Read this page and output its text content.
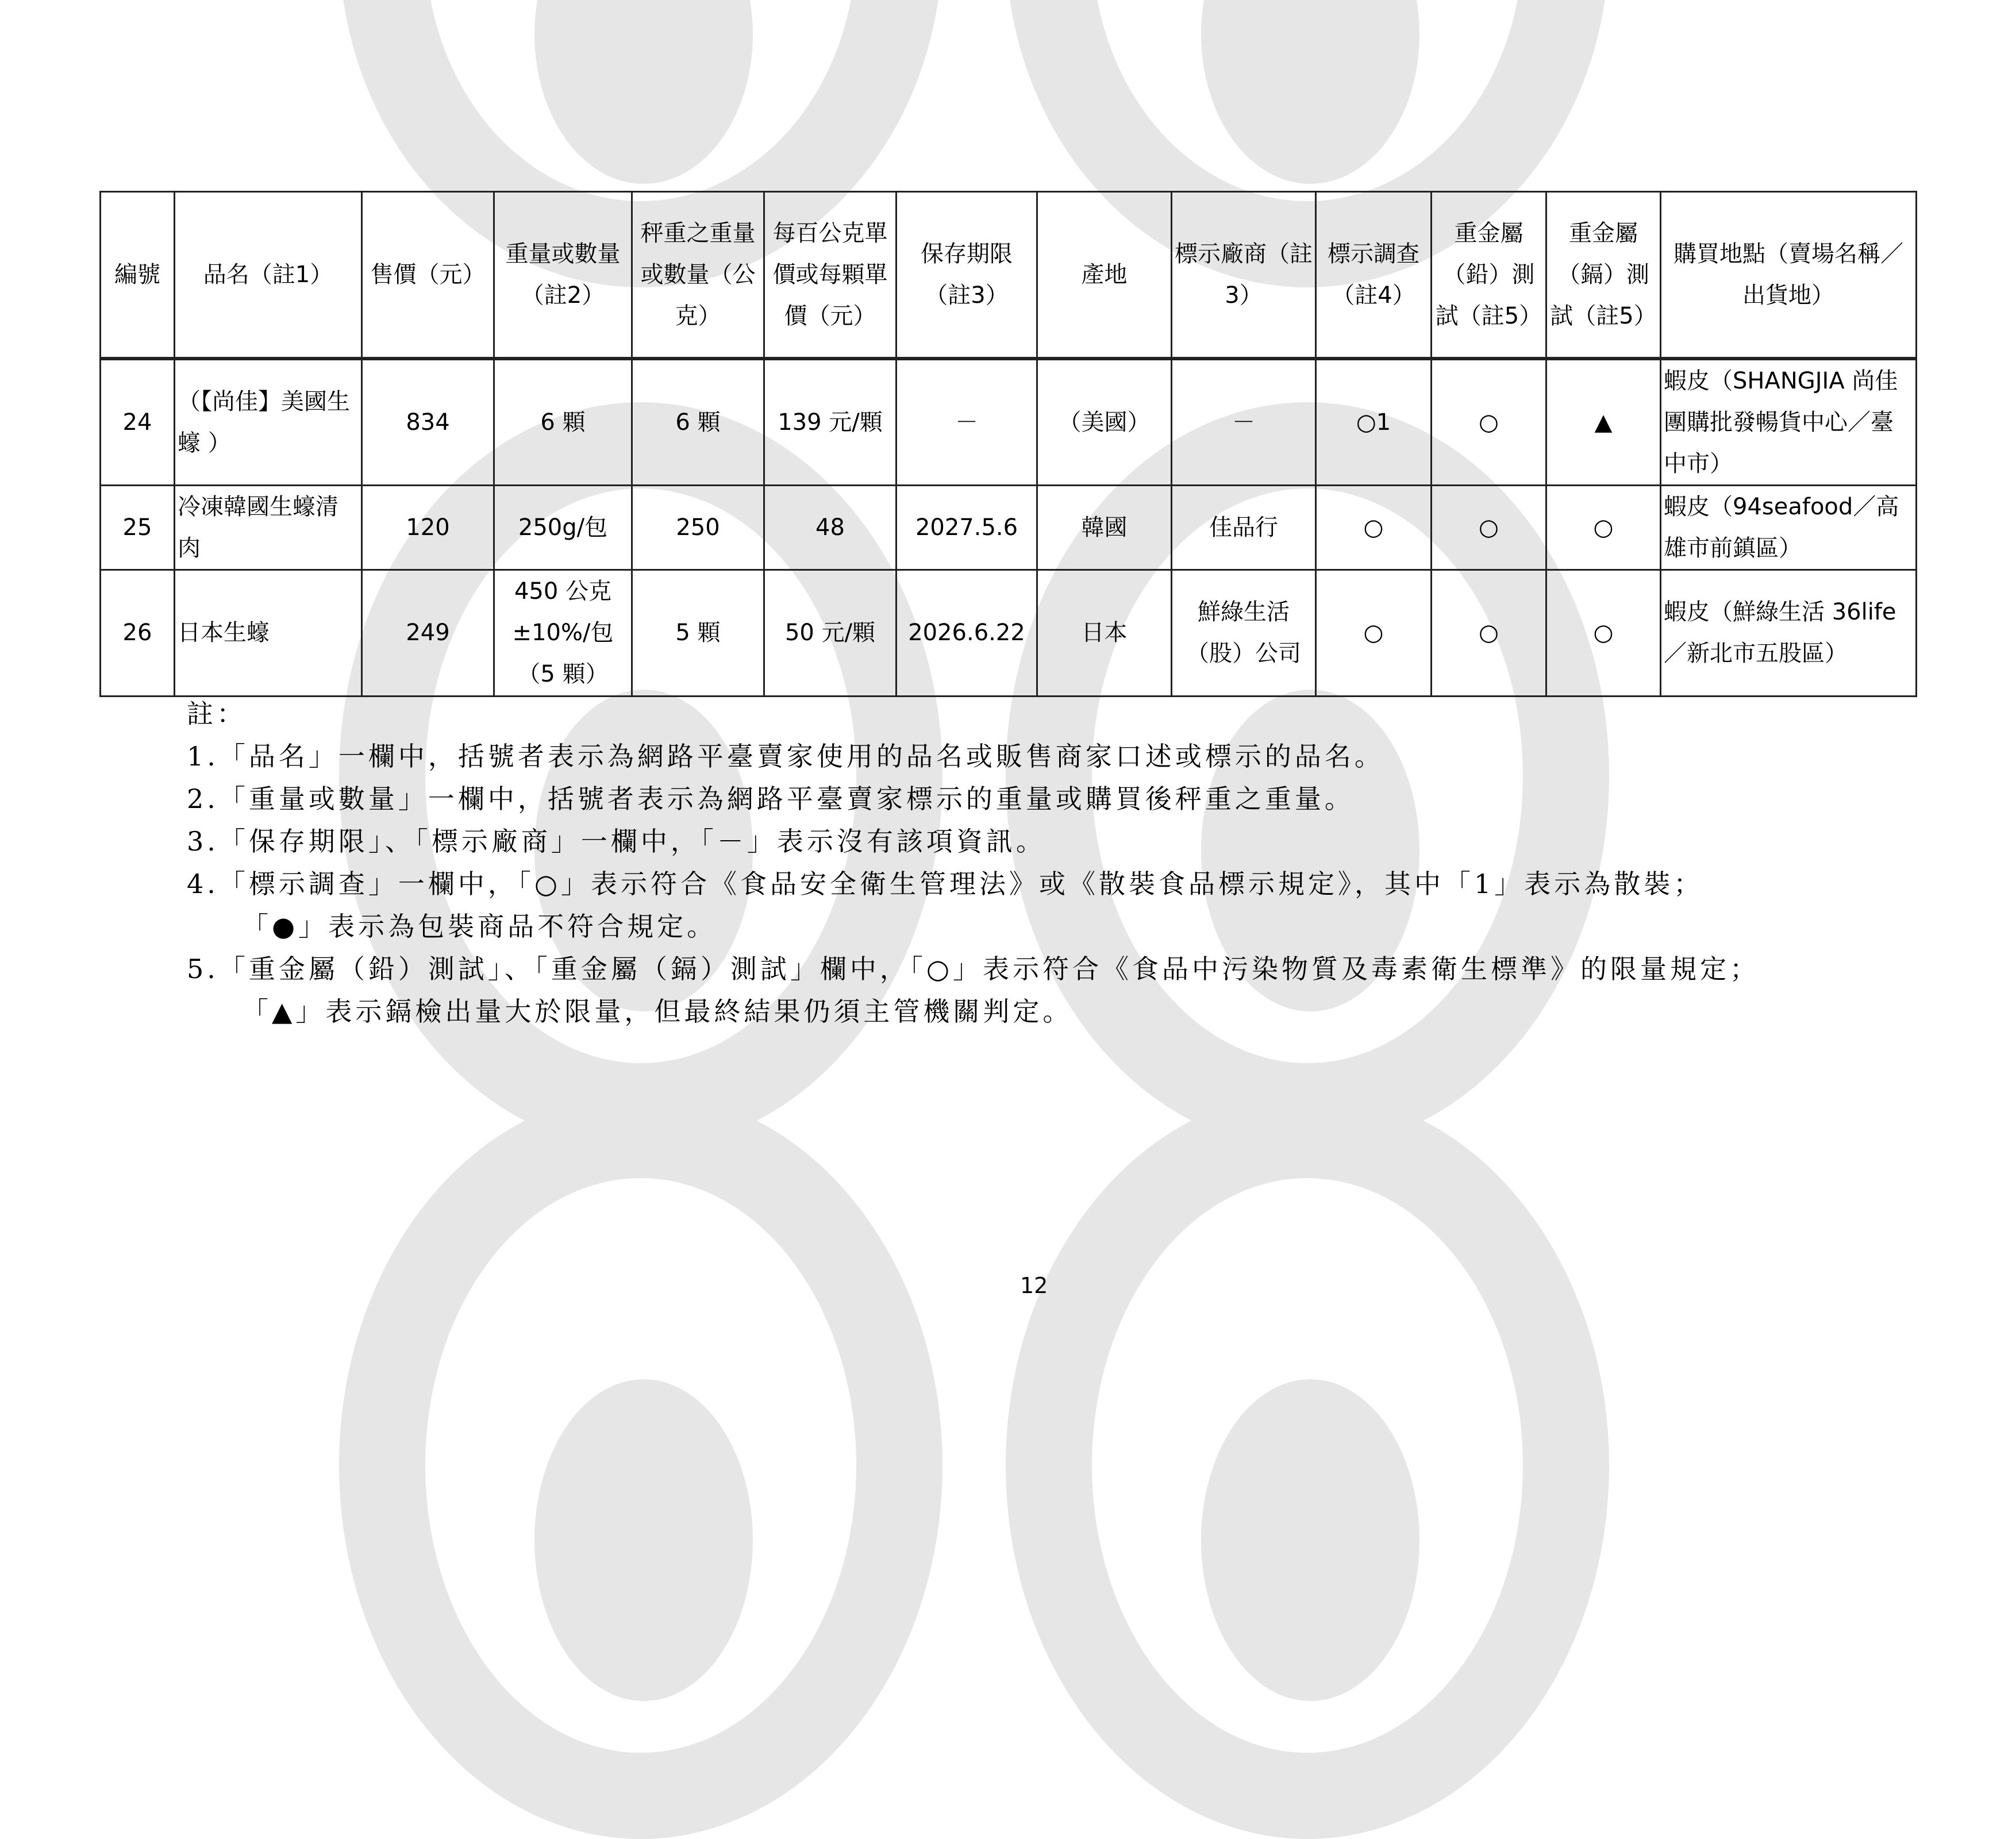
編號	品名（註1）	售價（元）	重量或數量（註2）	秤重之重量或數量（公克）	每百公克單價或每顆單價（元）	保存期限（註3）	產地	標示廠商（註3）	標示調查（註4）	重金屬（鉛）測試（註5）	重金屬（鎘）測試（註5）	購買地點（賣場名稱／出貨地）
24	（【尚佳】美國生蠔 ）	834	6 顆	6 顆	139 元/顆	－	（美國）	－	○1	○	▲	蝦皮（SHANGJIA 尚佳團購批發暢貨中心／臺中市）
25	冷凍韓國生蠔清肉	120	250g/包	250	48	2027.5.6	韓國	佳品行	○	○	○	蝦皮（94seafood／高雄市前鎮區）
26	日本生蠔	249	450 公克±10%/包（5 顆）	5 顆	50 元/顆	2026.6.22	日本	鮮綠生活（股）公司	○	○	○	蝦皮（鮮綠生活 36life／新北市五股區）
註：
1.「品名」一欄中，括號者表示為網路平臺賣家使用的品名或販售商家口述或標示的品名。
2.「重量或數量」一欄中，括號者表示為網路平臺賣家標示的重量或購買後秤重之重量。
3.「保存期限」、「標示廠商」一欄中，「－」表示沒有該項資訊。
4.「標示調查」一欄中，「○」表示符合《食品安全衛生管理法》或《散裝食品標示規定》，其中「1」表示為散裝；
「●」表示為包裝商品不符合規定。
5.「重金屬（鉛）測試」、「重金屬（鎘）測試」欄中，「○」表示符合《食品中污染物質及毒素衛生標準》的限量規定；
「▲」表示鎘檢出量大於限量，但最終結果仍須主管機關判定。
12
